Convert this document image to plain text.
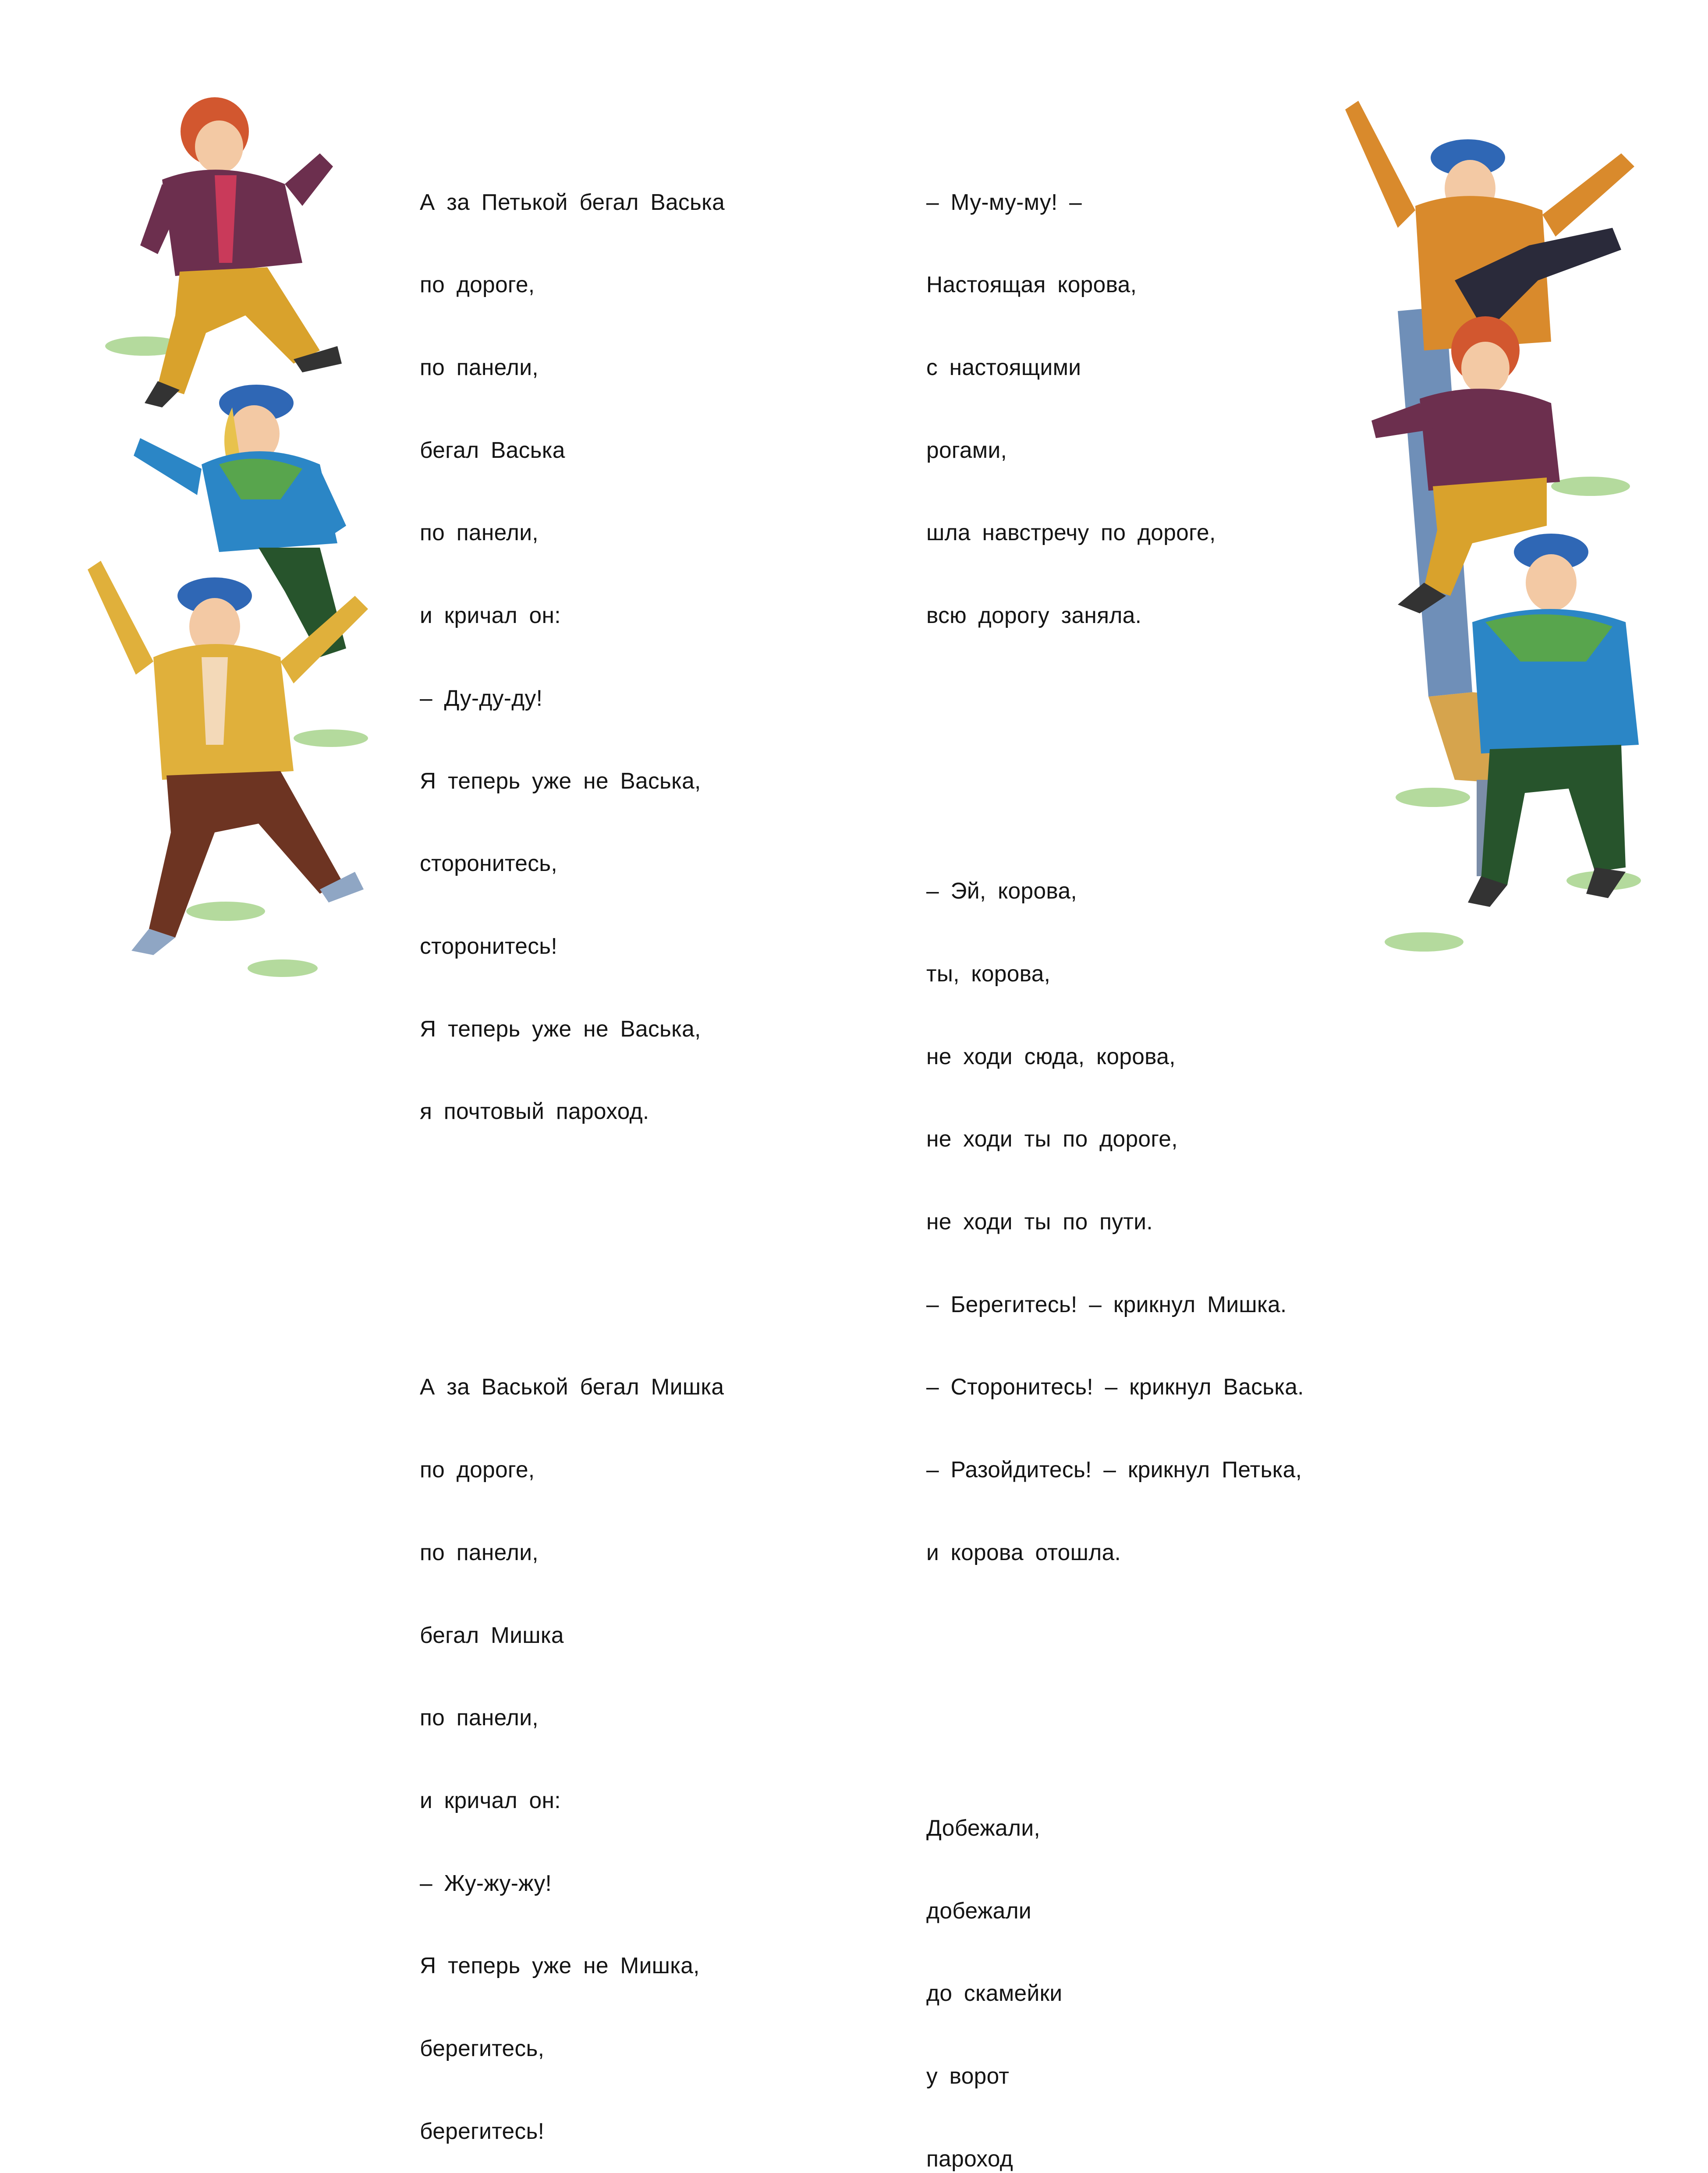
А за Петькой бегал Васька

по дороге,

по панели,

бегал Васька

по панели,

и кричал он:

– Ду-ду-ду!

Я теперь уже не Васька,

сторонитесь,

сторонитесь!

Я теперь уже не Васька,

я почтовый пароход.

А за Васькой бегал Мишка

по дороге,

по панели,

бегал Мишка

по панели,

и кричал он:

– Жу-жу-жу!

Я теперь уже не Мишка,

берегитесь,

берегитесь!

– Му-му-му! –

Настоящая корова,

с настоящими

рогами,

шла навстречу по дороге,

всю дорогу заняла.

– Эй, корова,

ты, корова,

не ходи сюда, корова,

не ходи ты по дороге,

не ходи ты по пути.

– Берегитесь! – крикнул Мишка.

– Сторонитесь! – крикнул Васька.

– Разойдитесь! – крикнул Петька,

и корова отошла.

Добежали,

добежали

до скамейки

у ворот

пароход
